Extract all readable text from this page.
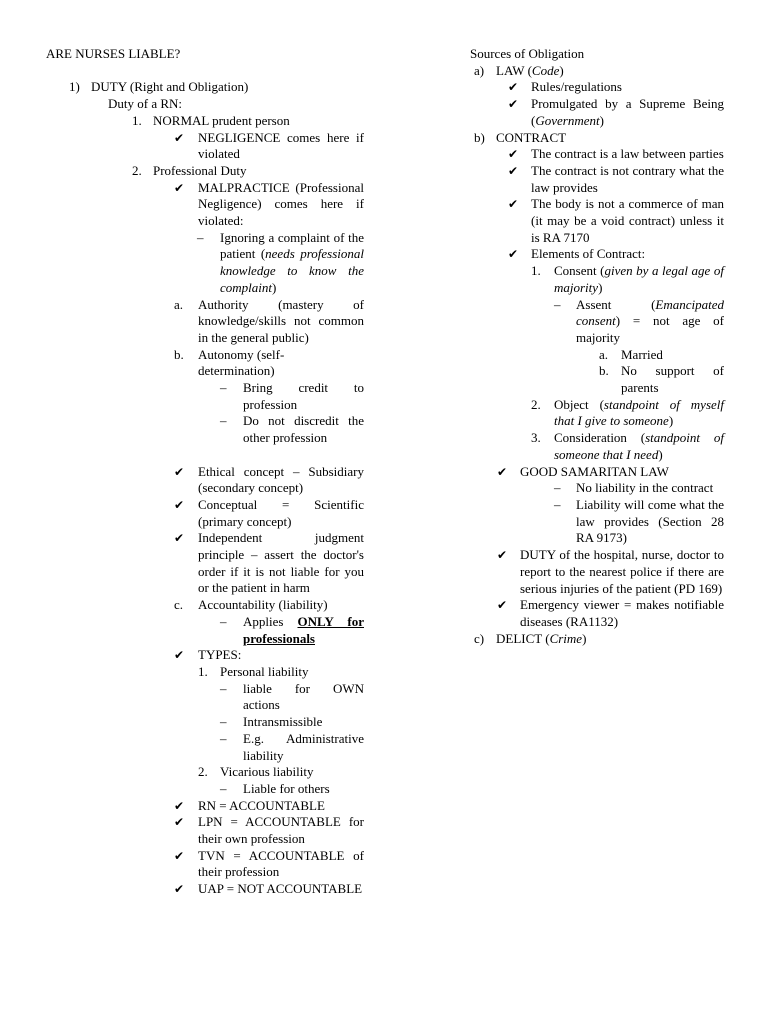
ARE NURSES LIABLE?
1) DUTY (Right and Obligation)
Duty of a RN:
1. NORMAL prudent person
✔	NEGLIGENCE comes here if violated
2. Professional Duty
✔	MALPRACTICE (Professional Negligence) comes here if violated:
–	Ignoring a complaint of the patient (needs professional knowledge to know the complaint)
a.	Authority (mastery of knowledge/skills not common in the general public)
b.	Autonomy (self-determination)
–	Bring credit to profession
–	Do not discredit the other profession
✔	Ethical concept – Subsidiary (secondary concept)
✔	Conceptual = Scientific (primary concept)
✔	Independent judgment principle – assert the doctor's order if it is not liable for you or the patient in harm
c.	Accountability (liability)
–	Applies ONLY for professionals
✔	TYPES:
1. Personal liability
–	liable for OWN actions
–	Intransmissible
–	E.g. Administrative liability
2. Vicarious liability
–	Liable for others
✔	RN = ACCOUNTABLE
✔	LPN = ACCOUNTABLE for their own profession
✔	TVN = ACCOUNTABLE of their profession
✔	UAP = NOT ACCOUNTABLE
Sources of Obligation
a) LAW (Code)
✔ Rules/regulations
✔ Promulgated by a Supreme Being (Government)
b) CONTRACT
✔ The contract is a law between parties
✔ The contract is not contrary what the law provides
✔ The body is not a commerce of man (it may be a void contract) unless it is RA 7170
✔ Elements of Contract:
1.	Consent (given by a legal age of majority)
–	Assent (Emancipated consent) = not age of majority
a. Married
b. No support of parents
2.	Object (standpoint of myself that I give to someone)
3.	Consideration (standpoint of someone that I need)
✔ GOOD SAMARITAN LAW
–	No liability in the contract
–	Liability will come what the law provides (Section 28 RA 9173)
✔ DUTY of the hospital, nurse, doctor to report to the nearest police if there are serious injuries of the patient (PD 169)
✔ Emergency viewer = makes notifiable diseases (RA1132)
c) DELICT (Crime)
